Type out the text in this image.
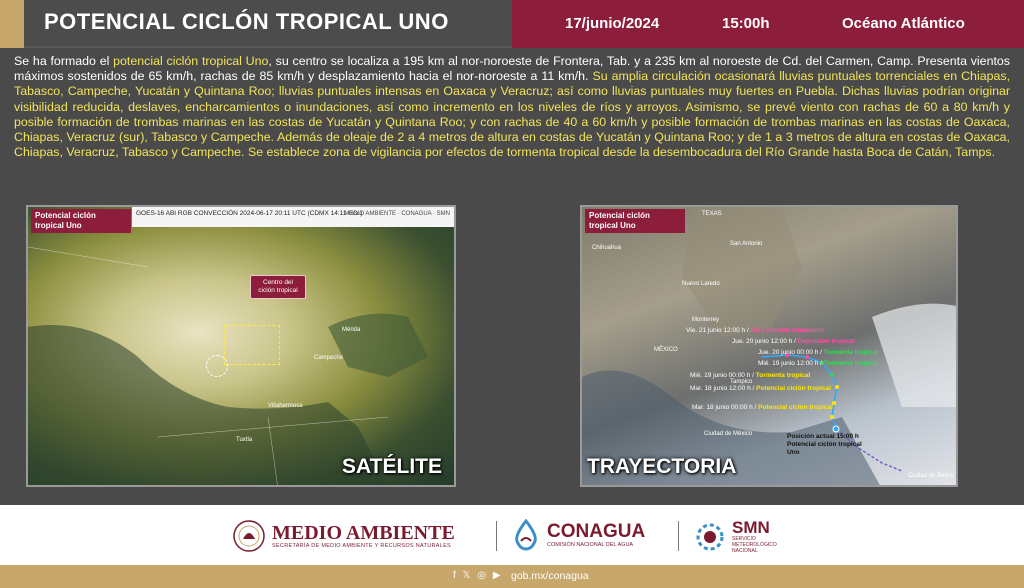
POTENCIAL CICLÓN TROPICAL UNO	17/junio/2024	15:00h	Océano Atlántico
Se ha formado el potencial ciclón tropical Uno, su centro se localiza a 195 km al nor-noroeste de Frontera, Tab. y a 235 km al noroeste de Cd. del Carmen, Camp. Presenta vientos máximos sostenidos de 65 km/h, rachas de 85 km/h y desplazamiento hacia el nor-noroeste a 11 km/h. Su amplia circulación ocasionará lluvias puntuales torrenciales en Chiapas, Tabasco, Campeche, Yucatán y Quintana Roo; lluvias puntuales intensas en Oaxaca y Veracruz; así como lluvias puntuales muy fuertes en Puebla. Dichas lluvias podrían originar visibilidad reducida, deslaves, encharcamientos o inundaciones, así como incremento en los niveles de ríos y arroyos. Asimismo, se prevé viento con rachas de 60 a 80 km/h y posible formación de trombas marinas en las costas de Yucatán y Quintana Roo; y con rachas de 40 a 60 km/h y posible formación de trombas marinas en las costas de Oaxaca, Chiapas, Veracruz (sur), Tabasco y Campeche. Además de oleaje de 2 a 4 metros de altura en costas de Yucatán y Quintana Roo; y de 1 a 3 metros de altura en costas de Oaxaca, Chiapas, Veracruz, Tabasco y Campeche. Se establece zona de vigilancia por efectos de tormenta tropical desde la desembocadura del Río Grande hasta Boca de Catán, Tamps.
Potencial ciclón tropical Uno
GOES-16 ABI RGB CONVECCIÓN 2024-06-17 20:11 UTC (CDMX 14:11 Hrs.)
MEDIO AMBIENTE · CONAGUA · SMN
Centro del ciclón tropical
Mérida
Campeche
Villahermosa
Tuxtla
SATÉLITE
Potencial ciclón tropical Uno
TEXAS
Chihuahua
San Antonio
Nuevo Laredo
Monterrey
MÉXICO
Tampico
Ciudad de México
Ciudad de Belice
Vie. 21 junio 12:00 h / Baja presión remanente
Jue. 20 junio 12:00 h / Depresión tropical
Jue. 20 junio 00:00 h / Tormenta tropical
Mié. 19 junio 12:00 h / Tormenta tropical
Mié. 19 junio 00:00 h / Tormenta tropical
Mar. 18 junio 12:00 h / Potencial ciclón tropical
Mar. 18 junio 00:00 h / Potencial ciclón tropical
Posición actual 15:00 h Potencial ciclón tropical Uno
TRAYECTORIA
MEDIO AMBIENTE
SECRETARÍA DE MEDIO AMBIENTE Y RECURSOS NATURALES
CONAGUA
COMISIÓN NACIONAL DEL AGUA
SMN
SERVICIO METEOROLÓGICO NACIONAL
f 𝕏 ◎ ▶ gob.mx/conagua
